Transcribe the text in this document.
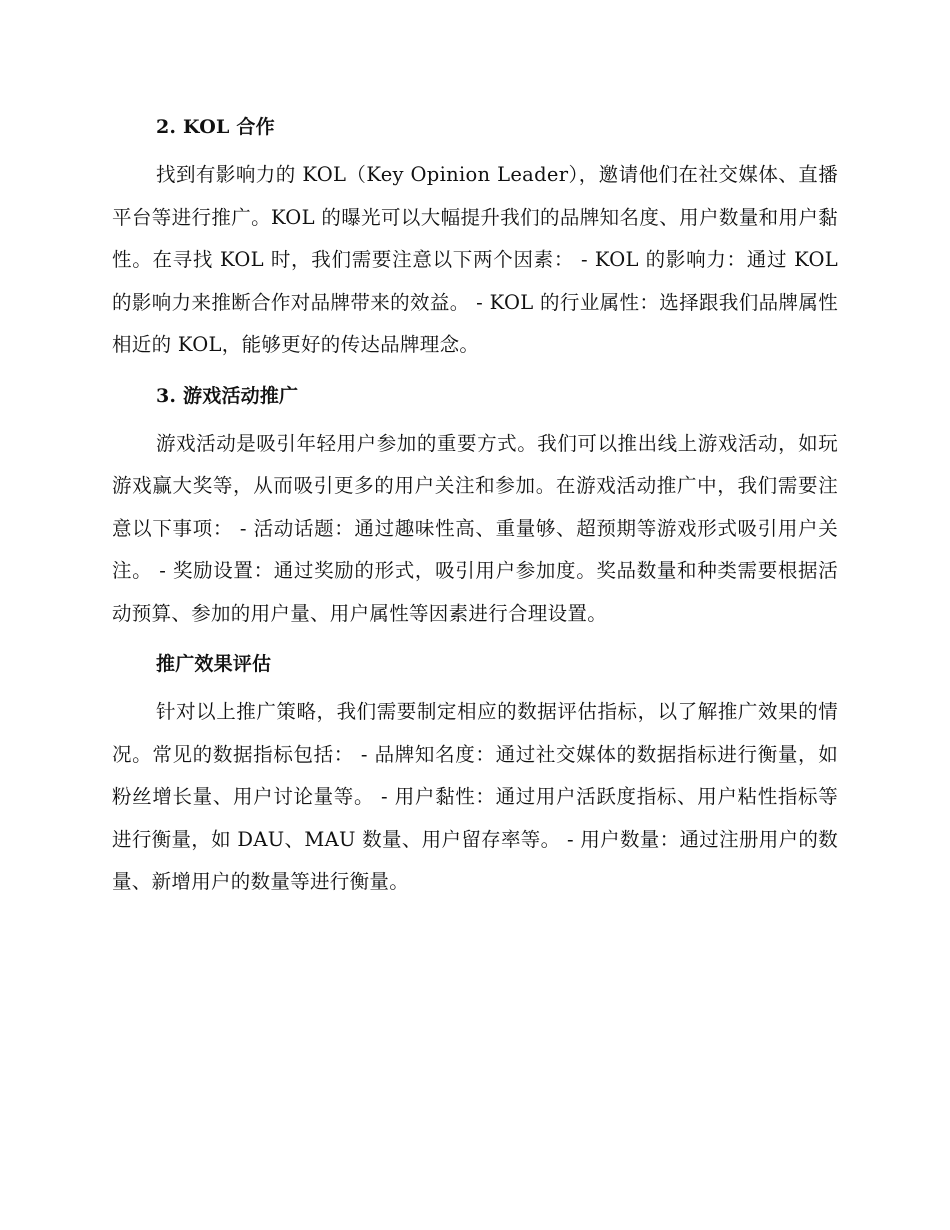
2. KOL 合作

找到有影响力的 KOL（Key Opinion Leader），邀请他们在社交媒体、直播平台等进行推广。KOL 的曝光可以大幅提升我们的品牌知名度、用户数量和用户黏性。在寻找 KOL 时，我们需要注意以下两个因素： - KOL 的影响力：通过 KOL 的影响力来推断合作对品牌带来的效益。 - KOL 的行业属性：选择跟我们品牌属性相近的 KOL，能够更好的传达品牌理念。

3. 游戏活动推广

游戏活动是吸引年轻用户参加的重要方式。我们可以推出线上游戏活动，如玩游戏赢大奖等，从而吸引更多的用户关注和参加。在游戏活动推广中，我们需要注意以下事项： - 活动话题：通过趣味性高、重量够、超预期等游戏形式吸引用户关注。 - 奖励设置：通过奖励的形式，吸引用户参加度。奖品数量和种类需要根据活动预算、参加的用户量、用户属性等因素进行合理设置。

推广效果评估

针对以上推广策略，我们需要制定相应的数据评估指标，以了解推广效果的情况。常见的数据指标包括： - 品牌知名度：通过社交媒体的数据指标进行衡量，如粉丝增长量、用户讨论量等。 - 用户黏性：通过用户活跃度指标、用户粘性指标等进行衡量，如 DAU、MAU 数量、用户留存率等。 - 用户数量：通过注册用户的数量、新增用户的数量等进行衡量。
